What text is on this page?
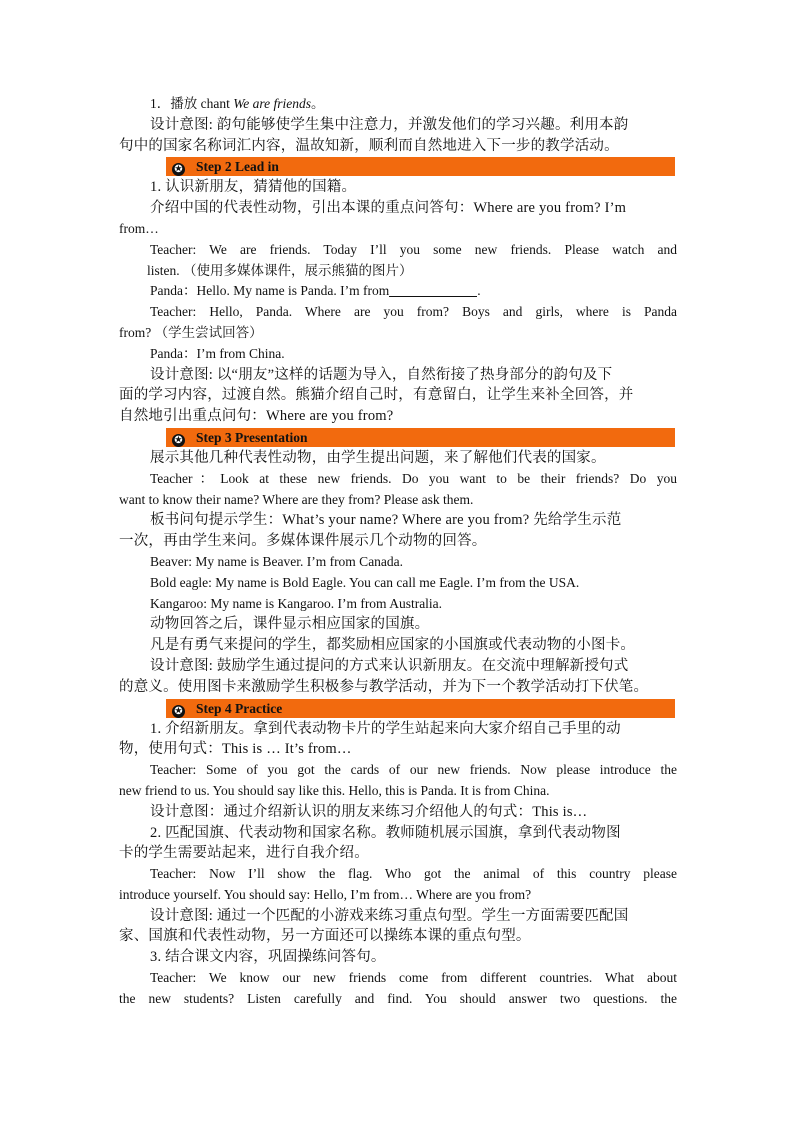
1．播放 chant We are friends。
设计意图: 韵句能够使学生集中注意力，并激发他们的学习兴趣。利用本韵
句中的国家名称词汇内容，温故知新，顺利而自然地进入下一步的教学活动。
✪ Step 2 Lead in
1. 认识新朋友，猜猜他的国籍。
介绍中国的代表性动物，引出本课的重点问答句：Where are you from? I’m
from…
Teacher: We are friends. Today I’ll you some new friends. Please watch and
listen. （使用多媒体课件，展示熊猫的图片）
Panda：Hello. My name is Panda. I’m from	.
Teacher: Hello, Panda. Where are you from? Boys and girls, where is Panda
from? （学生尝试回答）
Panda：I’m from China.
设计意图: 以“朋友”这样的话题为导入，自然衔接了热身部分的韵句及下
面的学习内容，过渡自然。熊猫介绍自己时，有意留白，让学生来补全回答，并
自然地引出重点问句：Where are you from?
✪ Step 3 Presentation
展示其他几种代表性动物，由学生提出问题，来了解他们代表的国家。
Teacher：Look at these new friends. Do you want to be their friends? Do you
want to know their name? Where are they from? Please ask them.
板书问句提示学生：What’s your name? Where are you from? 先给学生示范
一次，再由学生来问。多媒体课件展示几个动物的回答。
Beaver: My name is Beaver. I’m from Canada.
Bold eagle: My name is Bold Eagle. You can call me Eagle. I’m from the USA.
Kangaroo: My name is Kangaroo. I’m from Australia.
动物回答之后，课件显示相应国家的国旗。
凡是有勇气来提问的学生，都奖励相应国家的小国旗或代表动物的小图卡。
设计意图: 鼓励学生通过提问的方式来认识新朋友。在交流中理解新授句式
的意义。使用图卡来激励学生积极参与教学活动，并为下一个教学活动打下伏笔。
✪ Step 4 Practice
1. 介绍新朋友。拿到代表动物卡片的学生站起来向大家介绍自己手里的动
物，使用句式：This is … It’s from…
Teacher: Some of you got the cards of our new friends. Now please introduce the
new friend to us. You should say like this. Hello, this is Panda. It is from China.
设计意图：通过介绍新认识的朋友来练习介绍他人的句式：This is…
2. 匹配国旗、代表动物和国家名称。教师随机展示国旗，拿到代表动物图
卡的学生需要站起来，进行自我介绍。
Teacher: Now I’ll show the flag. Who got the animal of this country please
introduce yourself. You should say: Hello, I’m from… Where are you from?
设计意图: 通过一个匹配的小游戏来练习重点句型。学生一方面需要匹配国
家、国旗和代表性动物，另一方面还可以操练本课的重点句型。
3. 结合课文内容，巩固操练问答句。
Teacher: We know our new friends come from different countries. What about
the new students? Listen carefully and find. You should answer two questions. the
